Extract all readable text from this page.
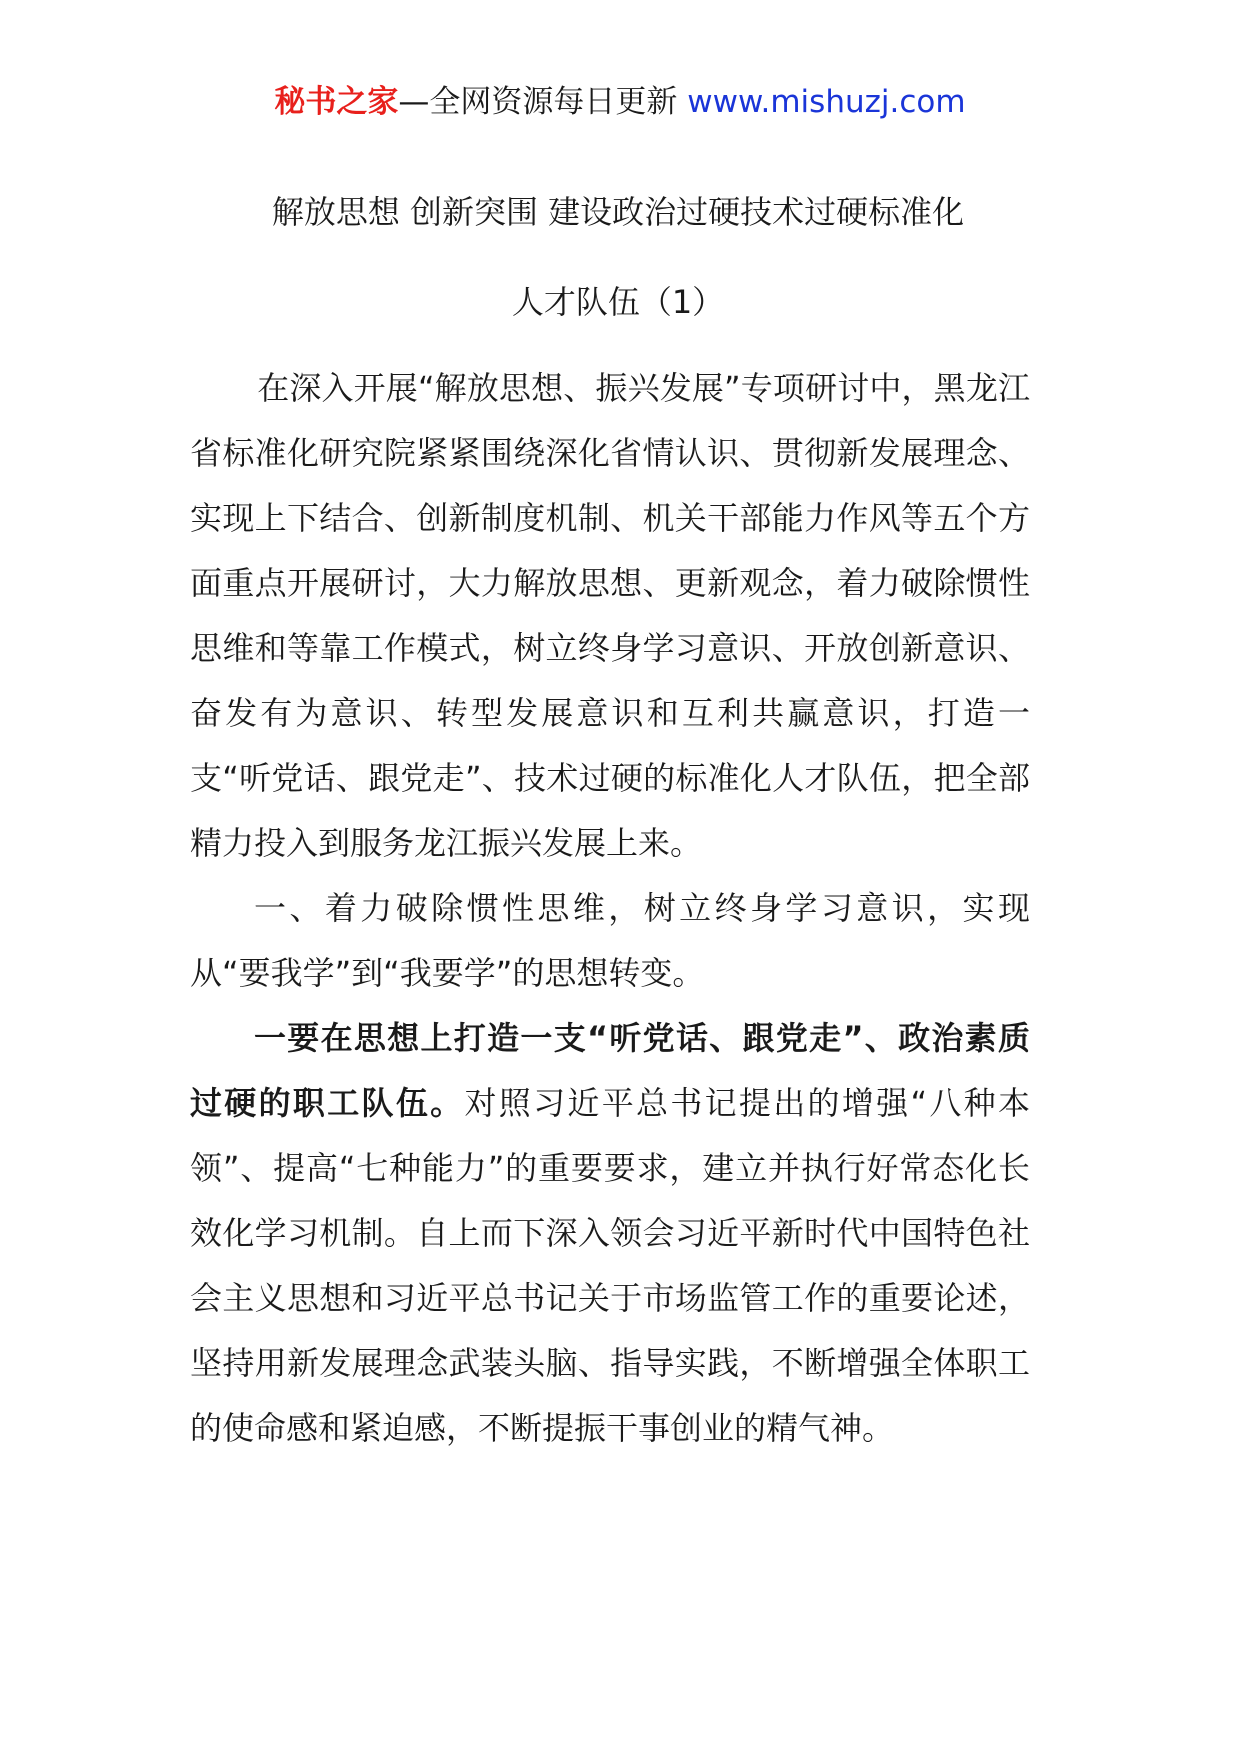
秘书之家—全网资源每日更新 www.mishuzj.com
解放思想 创新突围 建设政治过硬技术过硬标准化
人才队伍（1）

在深入开展“解放思想、振兴发展”专项研讨中，黑龙江省标准化研究院紧紧围绕深化省情认识、贯彻新发展理念、实现上下结合、创新制度机制、机关干部能力作风等五个方面重点开展研讨，大力解放思想、更新观念，着力破除惯性思维和等靠工作模式，树立终身学习意识、开放创新意识、奋发有为意识、转型发展意识和互利共赢意识，打造一支“听党话、跟党走”、技术过硬的标准化人才队伍，把全部精力投入到服务龙江振兴发展上来。

一、着力破除惯性思维，树立终身学习意识，实现从“要我学”到“我要学”的思想转变。

一要在思想上打造一支“听党话、跟党走”、政治素质过硬的职工队伍。对照习近平总书记提出的增强“八种本领”、提高“七种能力”的重要要求，建立并执行好常态化长效化学习机制。自上而下深入领会习近平新时代中国特色社会主义思想和习近平总书记关于市场监管工作的重要论述，坚持用新发展理念武装头脑、指导实践，不断增强全体职工的使命感和紧迫感，不断提振干事创业的精气神。
